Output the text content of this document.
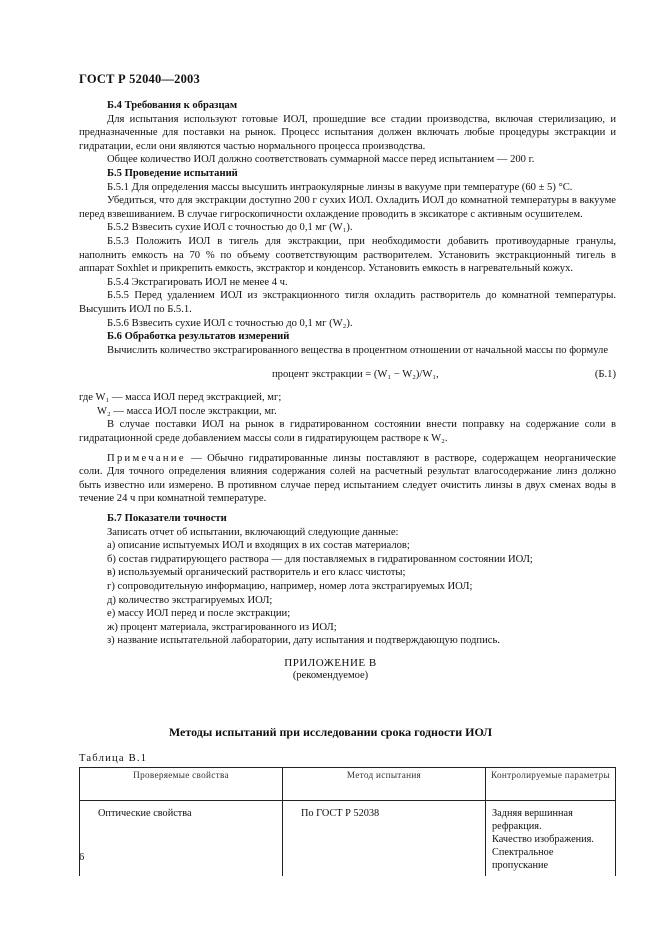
ГОСТ Р 52040—2003

Б.4 Требования к образцам

Для испытания используют готовые ИОЛ, прошедшие все стадии производства, включая стерилизацию, и предназначенные для поставки на рынок. Процесс испытания должен включать любые процедуры экстракции и гидратации, если они являются частью нормального процесса производства.

Общее количество ИОЛ должно соответствовать суммарной массе перед испытанием — 200 г.

Б.5 Проведение испытаний

Б.5.1 Для определения массы высушить интраокулярные линзы в вакууме при температуре (60 ± 5) °С.

Убедиться, что для экстракции доступно 200 г сухих ИОЛ. Охладить ИОЛ до комнатной температуры в вакууме перед взвешиванием. В случае гигроскопичности охлаждение проводить в эксикаторе с активным осушителем.

Б.5.2 Взвесить сухие ИОЛ с точностью до 0,1 мг (W₁).

Б.5.3 Положить ИОЛ в тигель для экстракции, при необходимости добавить противоударные гранулы, наполнить емкость на 70 % по объему соответствующим растворителем. Установить экстракционный тигель в аппарат Soxhlet и прикрепить емкость, экстрактор и конденсор. Установить емкость в нагревательный кожух.

Б.5.4 Экстрагировать ИОЛ не менее 4 ч.

Б.5.5 Перед удалением ИОЛ из экстракционного тигля охладить растворитель до комнатной температуры. Высушить ИОЛ по Б.5.1.

Б.5.6 Взвесить сухие ИОЛ с точностью до 0,1 мг (W₂).

Б.6 Обработка результатов измерений

Вычислить количество экстрагированного вещества в процентном отношении от начальной массы по формуле

процент экстракции = (W₁ − W₂)/W₁,	(Б.1)

где W₁ — масса ИОЛ перед экстракцией, мг;

W₂ — масса ИОЛ после экстракции, мг.

В случае поставки ИОЛ на рынок в гидратированном состоянии внести поправку на содержание соли в гидратационной среде добавлением массы соли в гидратирующем растворе к W₂.

Примечание — Обычно гидратированные линзы поставляют в растворе, содержащем неорганические соли. Для точного определения влияния содержания солей на расчетный результат влагосодержание линз должно быть известно или измерено. В противном случае перед испытанием следует очистить линзы в двух сменах воды в течение 24 ч при комнатной температуре.

Б.7 Показатели точности

Записать отчет об испытании, включающий следующие данные:

а) описание испытуемых ИОЛ и входящих в их состав материалов;

б) состав гидратирующего раствора — для поставляемых в гидратированном состоянии ИОЛ;

в) используемый органический растворитель и его класс чистоты;

г) сопроводительную информацию, например, номер лота экстрагируемых ИОЛ;

д) количество экстрагируемых ИОЛ;

е) массу ИОЛ перед и после экстракции;

ж) процент материала, экстрагированного из ИОЛ;

з) название испытательной лаборатории, дату испытания и подтверждающую подпись.

ПРИЛОЖЕНИЕ В
(рекомендуемое)
Методы испытаний при исследовании срока годности ИОЛ
Таблица В.1
Проверяемые свойства	Метод испытания	Контролируемые параметры
Оптические свойства	По ГОСТ Р 52038	Задняя вершинная рефракция.
Качество изображения.
Спектральное пропускание
6
